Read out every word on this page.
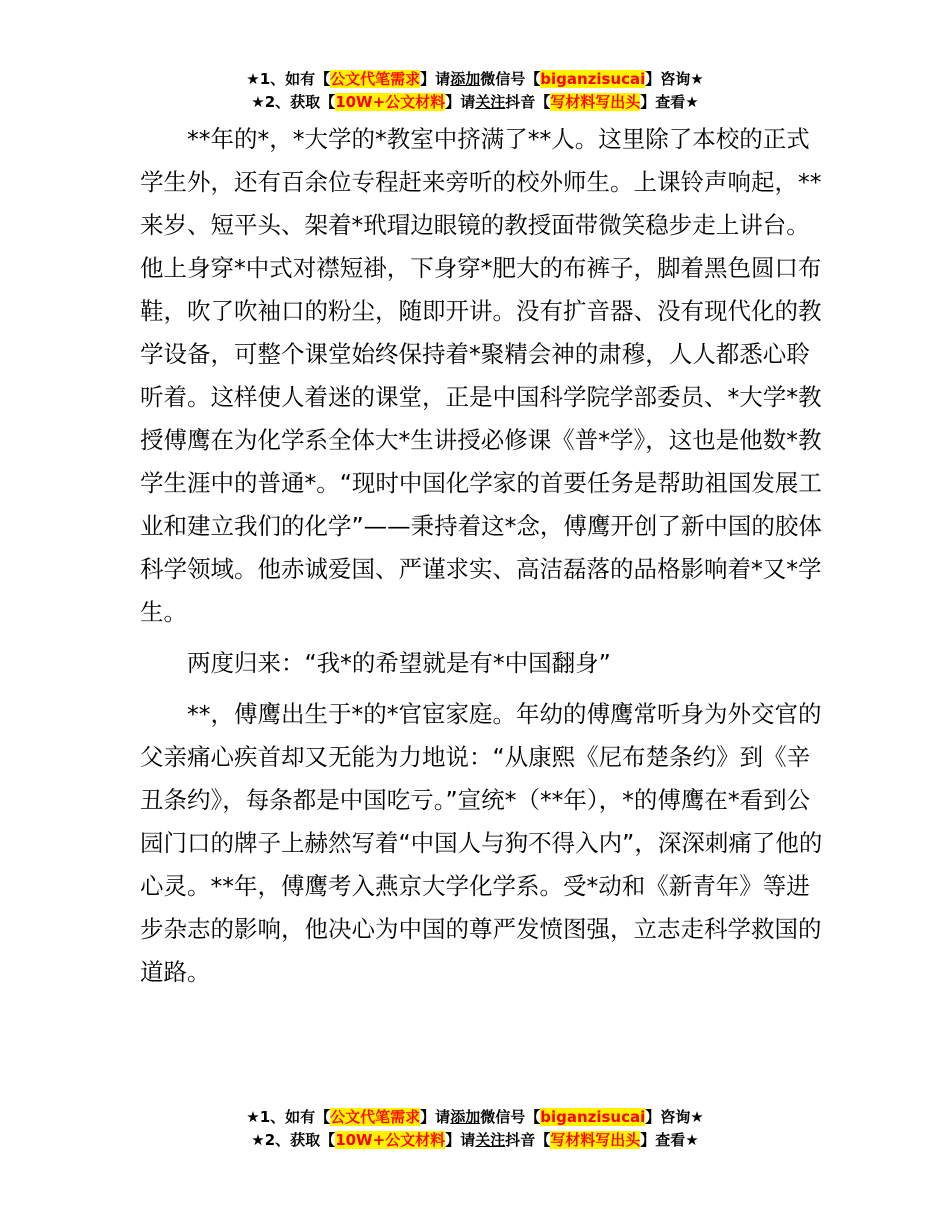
★1、如有【公文代笔需求】请添加微信号【biganzisucai】咨询★
★2、获取【10W+公文材料】请关注抖音【写材料写出头】查看★

**年的*，*大学的*教室中挤满了**人。这里除了本校的正式学生外，还有百余位专程赶来旁听的校外师生。上课铃声响起，**来岁、短平头、架着*玳瑁边眼镜的教授面带微笑稳步走上讲台。他上身穿*中式对襟短褂，下身穿*肥大的布裤子，脚着黑色圆口布鞋，吹了吹袖口的粉尘，随即开讲。没有扩音器、没有现代化的教学设备，可整个课堂始终保持着*聚精会神的肃穆，人人都悉心聆听着。这样使人着迷的课堂，正是中国科学院学部委员、*大学*教授傅鹰在为化学系全体大*生讲授必修课《普*学》，这也是他数*教学生涯中的普通*。“现时中国化学家的首要任务是帮助祖国发展工业和建立我们的化学”——秉持着这*念，傅鹰开创了新中国的胶体科学领域。他赤诚爱国、严谨求实、高洁磊落的品格影响着*又*学生。

两度归来：“我*的希望就是有*中国翻身”

**，傅鹰出生于*的*官宦家庭。年幼的傅鹰常听身为外交官的父亲痛心疾首却又无能为力地说：“从康熙《尼布楚条约》到《辛丑条约》，每条都是中国吃亏。”宣统*（**年），*的傅鹰在*看到公园门口的牌子上赫然写着“中国人与狗不得入内”，深深刺痛了他的心灵。**年，傅鹰考入燕京大学化学系。受*动和《新青年》等进步杂志的影响，他决心为中国的尊严发愤图强，立志走科学救国的道路。

★1、如有【公文代笔需求】请添加微信号【biganzisucai】咨询★
★2、获取【10W+公文材料】请关注抖音【写材料写出头】查看★
